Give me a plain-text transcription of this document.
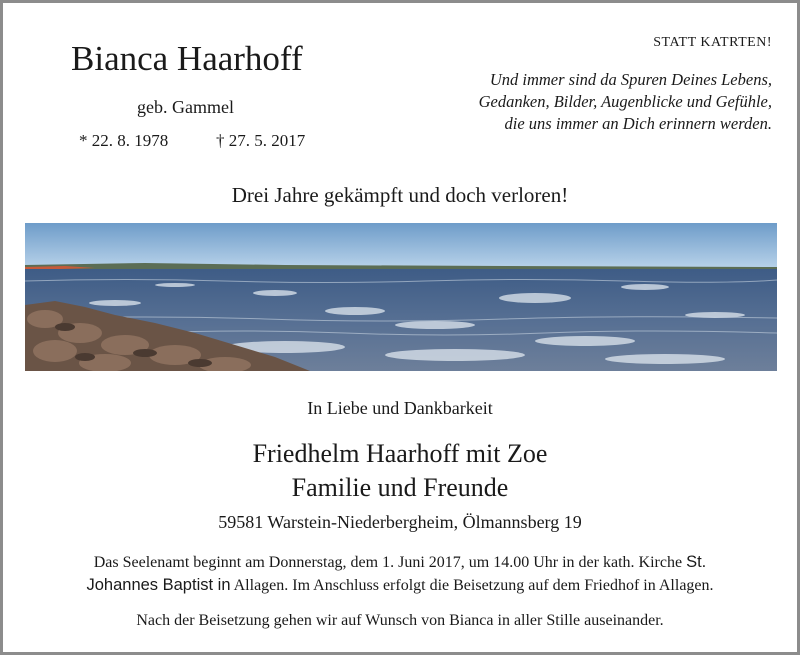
Bianca Haarhoff
geb. Gammel
* 22. 8. 1978	† 27. 5. 2017
STATT KATRTEN!
Und immer sind da Spuren Deines Lebens,
Gedanken, Bilder, Augenblicke und Gefühle,
die uns immer an Dich erinnern werden.
Drei Jahre gekämpft und doch verloren!
In Liebe und Dankbarkeit
Friedhelm Haarhoff mit Zoe
Familie und Freunde
59581 Warstein-Niederbergheim, Ölmannsberg 19
Das Seelenamt beginnt am Donnerstag, dem 1. Juni 2017, um 14.00 Uhr in der kath. Kirche St.
Johannes Baptist in Allagen. Im Anschluss erfolgt die Beisetzung auf dem Friedhof in Allagen.
Nach der Beisetzung gehen wir auf Wunsch von Bianca in aller Stille auseinander.
